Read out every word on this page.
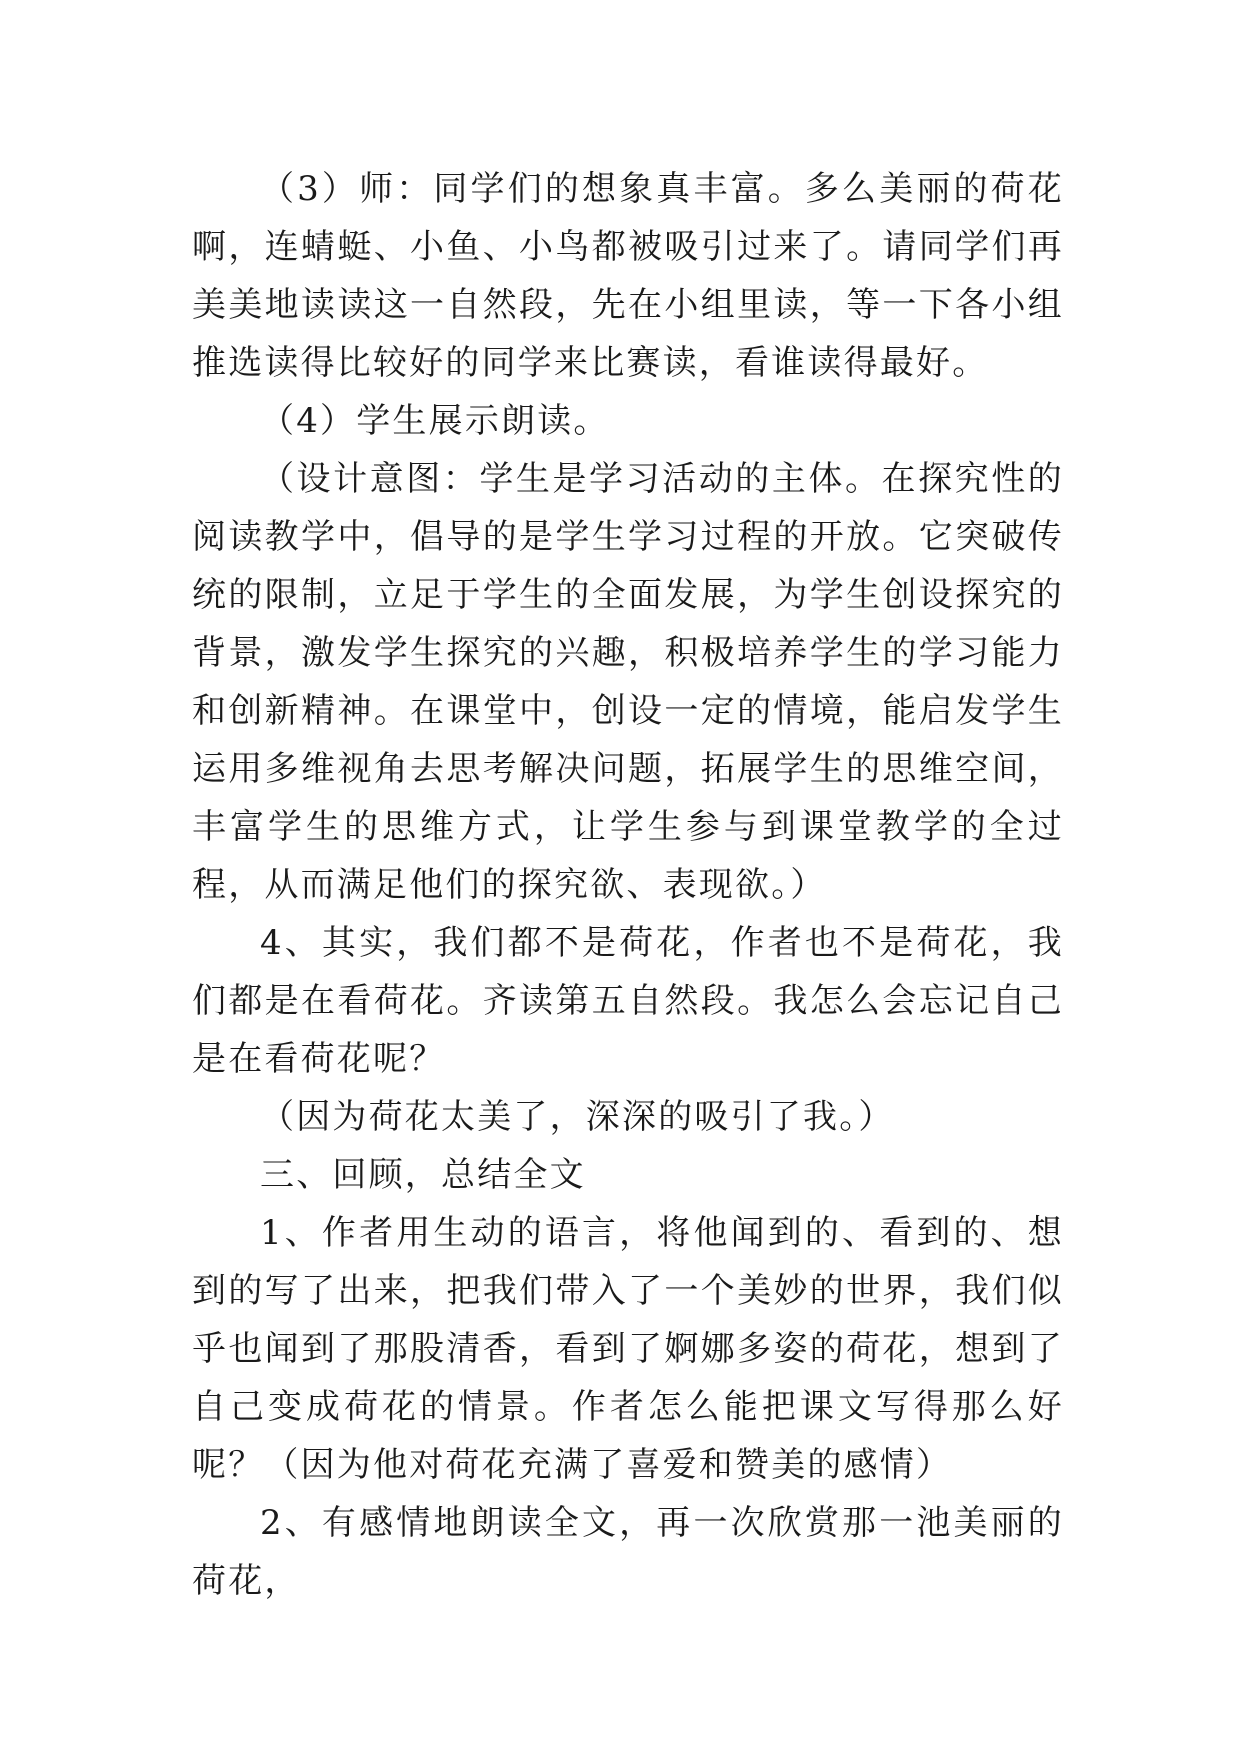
（3）师：同学们的想象真丰富。多么美丽的荷花啊，连蜻蜓、小鱼、小鸟都被吸引过来了。请同学们再美美地读读这一自然段，先在小组里读，等一下各小组推选读得比较好的同学来比赛读，看谁读得最好。

（4）学生展示朗读。

（设计意图：学生是学习活动的主体。在探究性的阅读教学中，倡导的是学生学习过程的开放。它突破传统的限制，立足于学生的全面发展，为学生创设探究的背景，激发学生探究的兴趣，积极培养学生的学习能力和创新精神。在课堂中，创设一定的情境，能启发学生运用多维视角去思考解决问题，拓展学生的思维空间，丰富学生的思维方式，让学生参与到课堂教学的全过程，从而满足他们的探究欲、表现欲。）

4、其实，我们都不是荷花，作者也不是荷花，我们都是在看荷花。齐读第五自然段。我怎么会忘记自己是在看荷花呢？

（因为荷花太美了，深深的吸引了我。）

三、回顾，总结全文

1、作者用生动的语言，将他闻到的、看到的、想到的写了出来，把我们带入了一个美妙的世界，我们似乎也闻到了那股清香，看到了婀娜多姿的荷花，想到了自己变成荷花的情景。作者怎么能把课文写得那么好呢？（因为他对荷花充满了喜爱和赞美的感情）

2、有感情地朗读全文，再一次欣赏那一池美丽的荷花，
